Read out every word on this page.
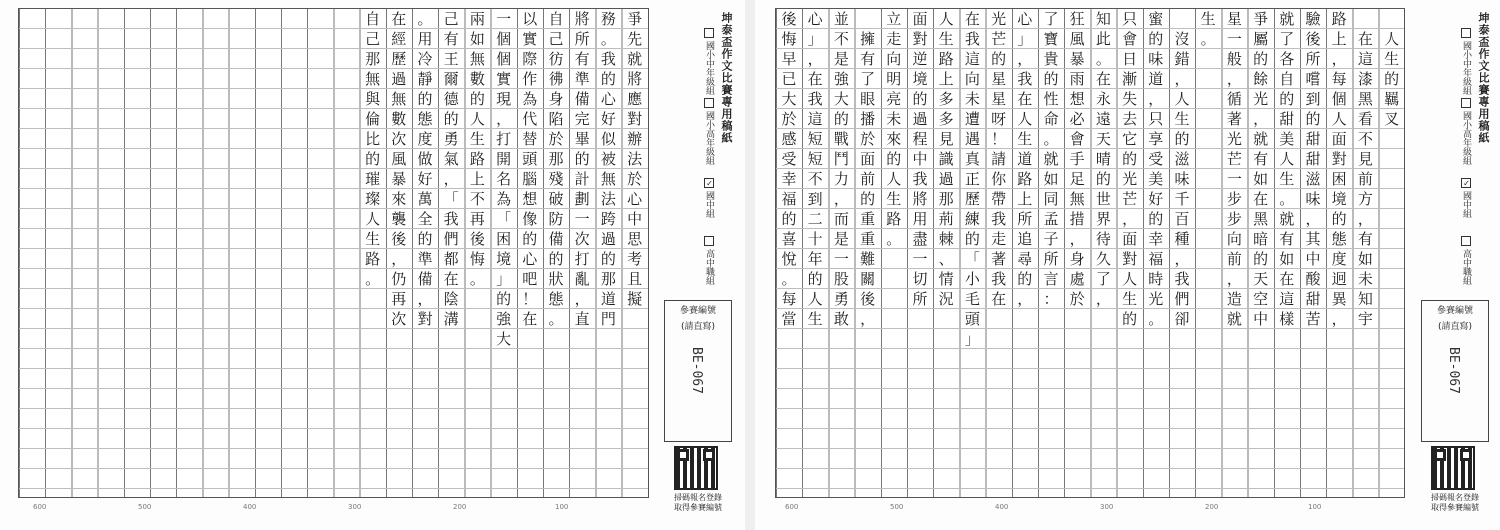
爭
先
就
將
應
對
辦
法
於
心
中
思
考
且
擬
務
。
我
的
心
好
似
被
無
法
跨
過
的
那
道
門
將
所
有
準
備
完
畢
的
計
劃
一
次
打
亂
，
直
自
己
彷
彿
身
陷
於
那
殘
破
防
備
的
狀
態
。
以
實
際
作
為
代
替
頭
腦
想
像
的
心
吧
！
在
一
個
個
實
現
，
打
開
名
為
「
困
境
」
的
強
大
兩
如
無
數
的
人
生
路
上
不
再
後
悔
。
己
有
王
爾
德
的
勇
氣
，
「
我
們
都
在
陰
溝
。
用
冷
靜
的
態
度
做
好
萬
全
的
準
備
，
對
在
經
歷
過
無
數
次
風
暴
來
襲
後
，
仍
再
次
自
己
那
無
與
倫
比
的
璀
璨
人
生
路
。
600	500	400	300	200	100
坤泰盃作文比賽專用稿紙
國小中年級組
國小高年級組
✓國中組
高中職組
參賽編號
(請直寫)
BE-067
掃碼報名登錄
取得參賽編號

人
生
的
羈
叉

在
這
漆
黑
看
不
見
前
方
，
有
如
未
知
宇
路
上
，
每
個
人
面
對
困
境
的
態
度
迥
異
，
驗
後
所
嚐
到
的
甜
甜
滋
味
，
其
中
酸
甜
苦
就
了
各
自
的
甜
美
人
生
。
就
有
如
在
這
樣
爭
屬
的
餘
光
，
就
有
如
在
黑
暗
的
天
空
中
星
一
般
，
循
著
光
芒
一
步
步
向
前
，
造
就
生
。

沒
錯
，
人
生
的
滋
味
千
百
種
，
我
們
卻
蜜
的
味
道
，
只
享
受
美
好
的
幸
福
時
光
。
只
會
日
漸
失
去
它
的
光
芒
，
面
對
人
生
的
知
此
。
在
永
遠
天
晴
的
世
界
待
久
了
，
狂
風
暴
雨
想
必
會
手
足
無
措
，
身
處
於
了
寶
貴
的
性
命
。
就
如
同
孟
子
所
言
：
心
」
，
我
在
人
生
道
路
上
所
追
尋
的
，
光
芒
的
星
星
呀
！
請
你
帶
我
走
著
我
在
在
我
這
向
未
遭
遇
真
正
歷
練
的
「
小
毛
頭
」
人
生
路
上
多
多
見
識
過
那
荊
棘
、
情
況
面
對
逆
境
的
過
程
中
我
將
用
盡
一
切
所
立
走
向
明
亮
未
來
的
人
生
路
。

擁
有
了
眼
播
於
面
前
的
重
重
難
關
後
，
並
不
是
強
大
的
戰
鬥
力
，
而
是
一
股
勇
敢
心
」
，
在
我
這
短
短
不
到
二
十
年
的
人
生
後
悔
早
已
大
於
感
受
幸
福
的
喜
悅
。
每
當
600	500	400	300	200	100
坤泰盃作文比賽專用稿紙
國小中年級組
國小高年級組
✓國中組
高中職組
參賽編號
(請直寫)
BE-067
掃碼報名登錄
取得參賽編號
